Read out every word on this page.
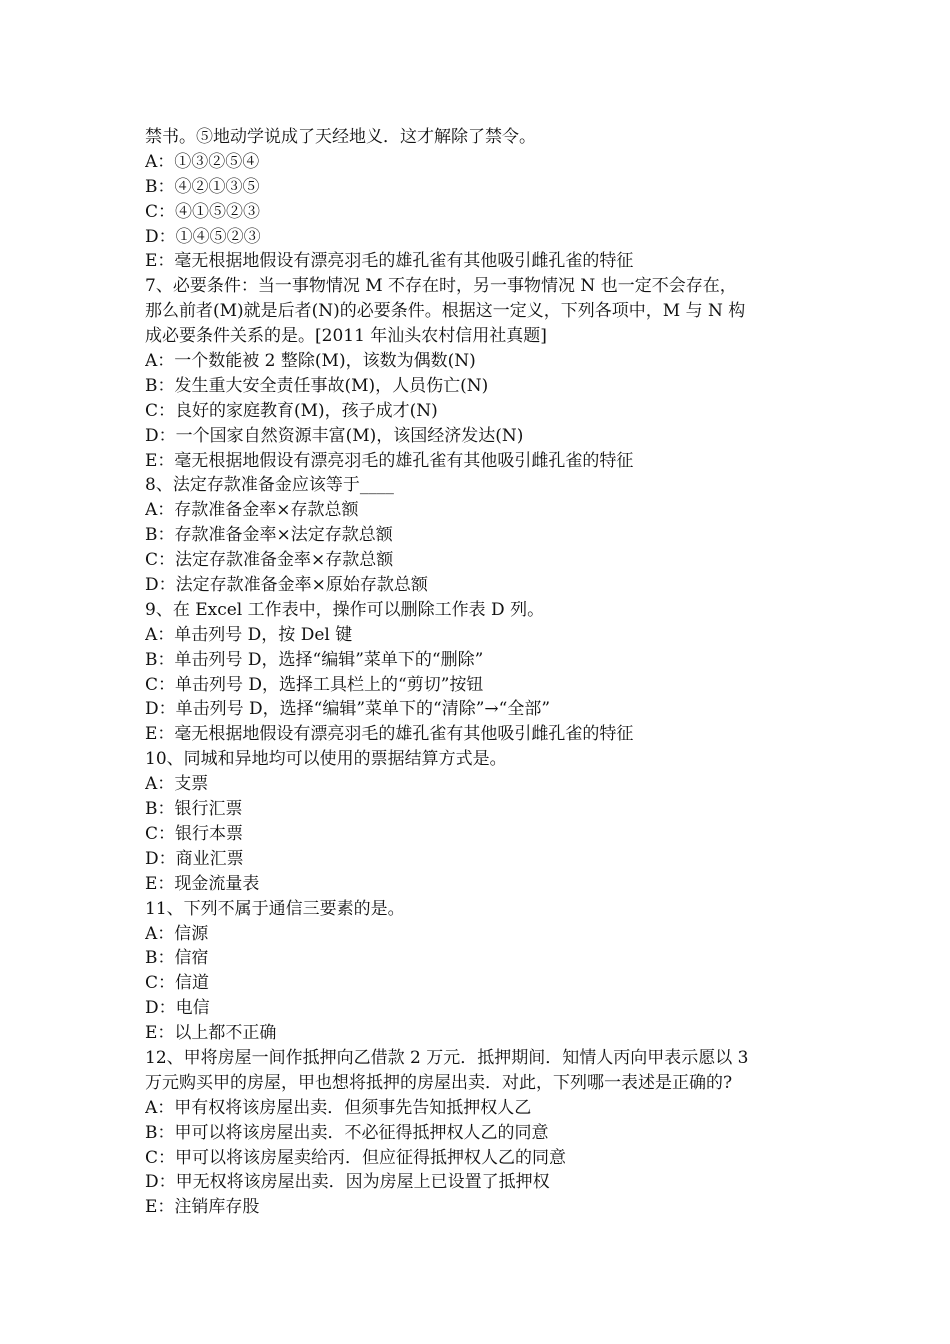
禁书。⑤地动学说成了天经地义．这才解除了禁令。
A：①③②⑤④
B：④②①③⑤
C：④①⑤②③
D：①④⑤②③
E：毫无根据地假设有漂亮羽毛的雄孔雀有其他吸引雌孔雀的特征
7、必要条件：当一事物情况 M 不存在时，另一事物情况 N 也一定不会存在，
那么前者(M)就是后者(N)的必要条件。根据这一定义，下列各项中，M 与 N 构
成必要条件关系的是。[2011 年汕头农村信用社真题]
A：一个数能被 2 整除(M)，该数为偶数(N)
B：发生重大安全责任事故(M)，人员伤亡(N)
C：良好的家庭教育(M)，孩子成才(N)
D：一个国家自然资源丰富(M)，该国经济发达(N)
E：毫无根据地假设有漂亮羽毛的雄孔雀有其他吸引雌孔雀的特征
8、法定存款准备金应该等于____
A：存款准备金率×存款总额
B：存款准备金率×法定存款总额
C：法定存款准备金率×存款总额
D：法定存款准备金率×原始存款总额
9、在 Excel 工作表中，操作可以删除工作表 D 列。
A：单击列号 D，按 Del 键
B：单击列号 D，选择“编辑”菜单下的“删除”
C：单击列号 D，选择工具栏上的“剪切”按钮
D：单击列号 D，选择“编辑”菜单下的“清除”→“全部”
E：毫无根据地假设有漂亮羽毛的雄孔雀有其他吸引雌孔雀的特征
10、同城和异地均可以使用的票据结算方式是。
A：支票
B：银行汇票
C：银行本票
D：商业汇票
E：现金流量表
11、下列不属于通信三要素的是。
A：信源
B：信宿
C：信道
D：电信
E：以上都不正确
12、甲将房屋一间作抵押向乙借款 2 万元．抵押期间．知情人丙向甲表示愿以 3
万元购买甲的房屋，甲也想将抵押的房屋出卖．对此，下列哪一表述是正确的?
A：甲有权将该房屋出卖．但须事先告知抵押权人乙
B：甲可以将该房屋出卖．不必征得抵押权人乙的同意
C：甲可以将该房屋卖给丙．但应征得抵押权人乙的同意
D：甲无权将该房屋出卖．因为房屋上已设置了抵押权
E：注销库存股
